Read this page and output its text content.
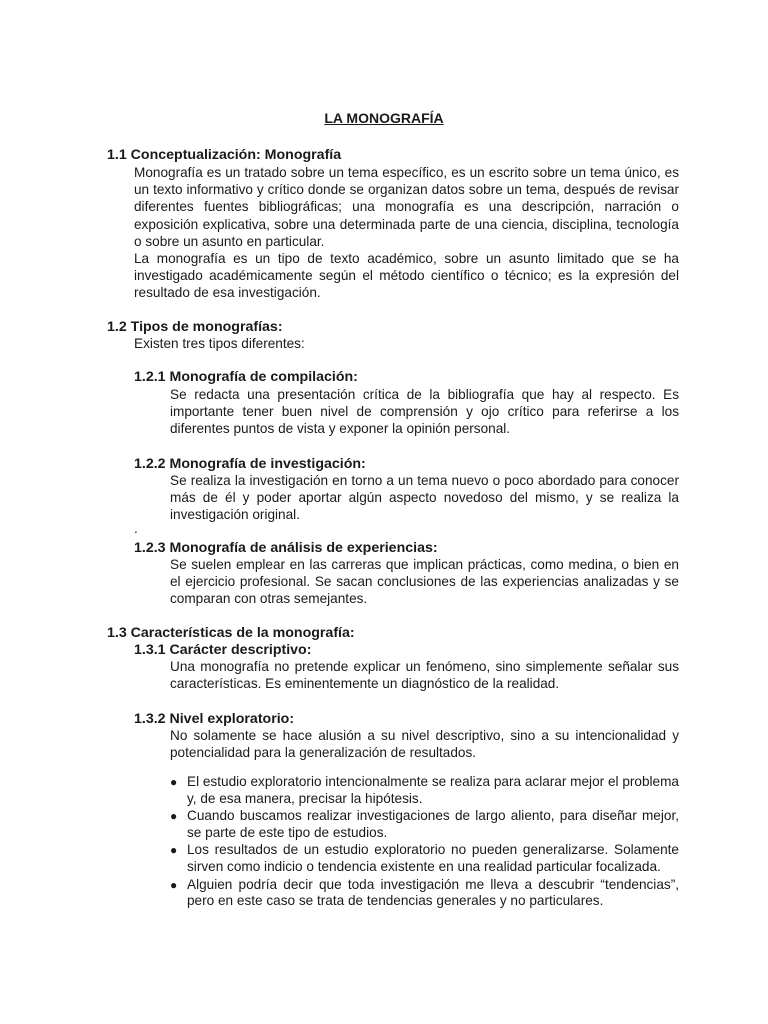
LA MONOGRAFÍA
1.1 Conceptualización: Monografía

Monografía es un tratado sobre un tema específico, es un escrito sobre un tema único, es un texto informativo y crítico donde se organizan datos sobre un tema, después de revisar diferentes fuentes bibliográficas; una monografía es una descripción, narración o exposición explicativa, sobre una determinada parte de una ciencia, disciplina, tecnología o sobre un asunto en particular.

La monografía es un tipo de texto académico, sobre un asunto limitado que se ha investigado académicamente según el método científico o técnico; es la expresión del resultado de esa investigación.

1.2 Tipos de monografías:

Existen tres tipos diferentes:

1.2.1 Monografía de compilación:

Se redacta una presentación crítica de la bibliografía que hay al respecto. Es importante tener buen nivel de comprensión y ojo crítico para referirse a los diferentes puntos de vista y exponer la opinión personal.

1.2.2 Monografía de investigación:

Se realiza la investigación en torno a un tema nuevo o poco abordado para conocer más de él y poder aportar algún aspecto novedoso del mismo, y se realiza la investigación original.

.

1.2.3 Monografía de análisis de experiencias:

Se suelen emplear en las carreras que implican prácticas, como medina, o bien en el ejercicio profesional. Se sacan conclusiones de las experiencias analizadas y se comparan con otras semejantes.

1.3 Características de la monografía:
1.3.1 Carácter descriptivo:

Una monografía no pretende explicar un fenómeno, sino simplemente señalar sus características. Es eminentemente un diagnóstico de la realidad.

1.3.2 Nivel exploratorio:

No solamente se hace alusión a su nivel descriptivo, sino a su intencionalidad y potencialidad para la generalización de resultados.

● El estudio exploratorio intencionalmente se realiza para aclarar mejor el problema y, de esa manera, precisar la hipótesis.
● Cuando buscamos realizar investigaciones de largo aliento, para diseñar mejor, se parte de este tipo de estudios.
● Los resultados de un estudio exploratorio no pueden generalizarse. Solamente sirven como indicio o tendencia existente en una realidad particular focalizada.
● Alguien podría decir que toda investigación me lleva a descubrir “tendencias”, pero en este caso se trata de tendencias generales y no particulares.
